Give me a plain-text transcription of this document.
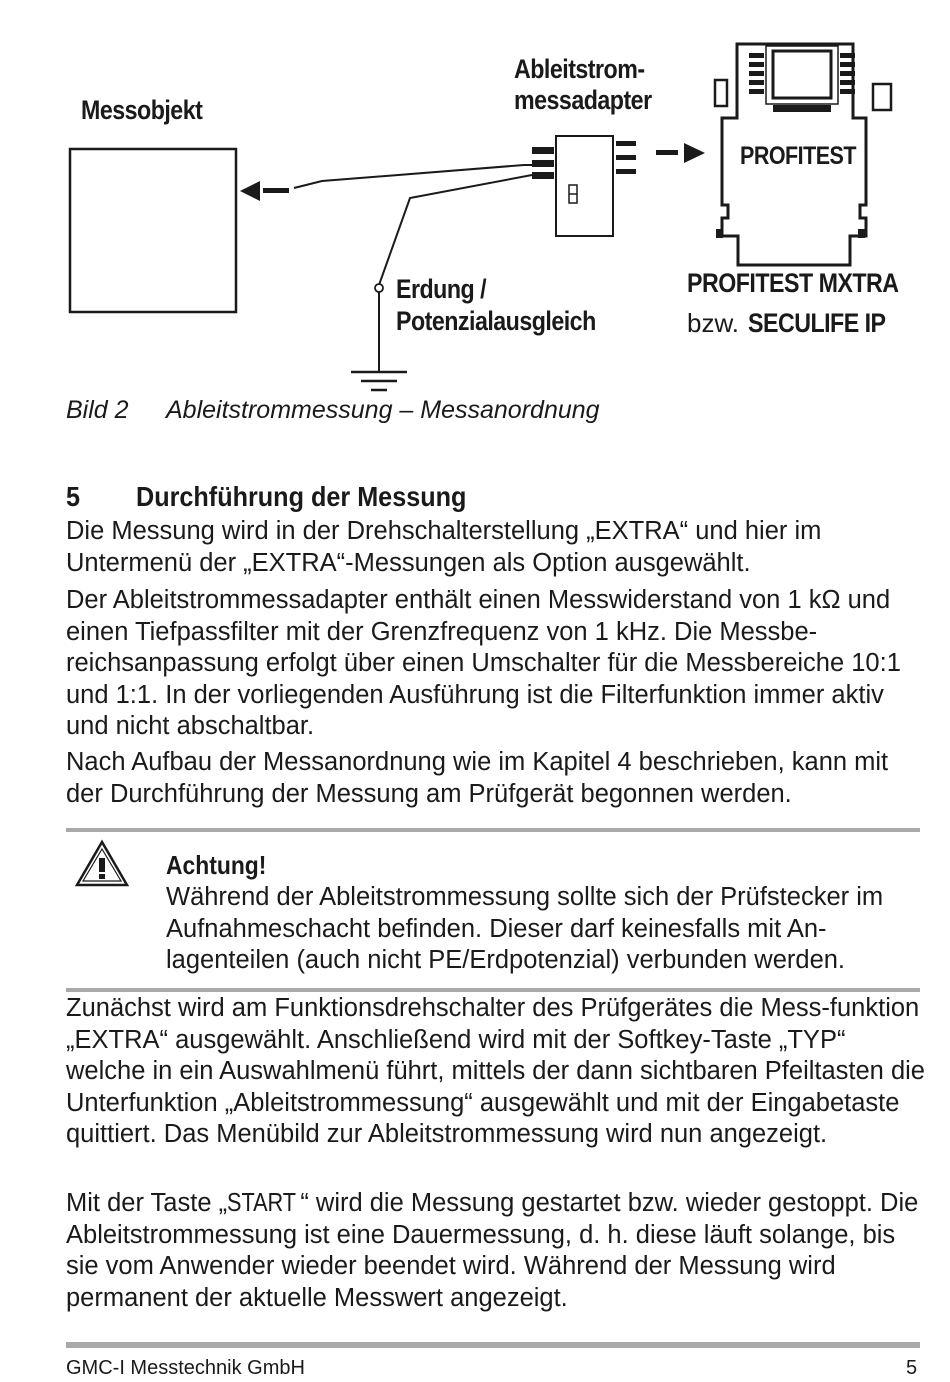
Messobjekt
Ableitstrom-
messadapter
PROFITEST
Erdung /
Potenzialausgleich
PROFITEST MXTRA
bzw. SECULIFE IP
Bild 2 Ableitstrommessung – Messanordnung
5 Durchführung der Messung

Die Messung wird in der Drehschalterstellung „EXTRA“ und hier im Untermenü der „EXTRA“-Messungen als Option ausgewählt.

Der Ableitstrommessadapter enthält einen Messwiderstand von 1 kΩ und einen Tiefpassfilter mit der Grenzfrequenz von 1 kHz. Die Messbe-reichsanpassung erfolgt über einen Umschalter für die Messbereiche 10:1 und 1:1. In der vorliegenden Ausführung ist die Filterfunktion immer aktiv und nicht abschaltbar.

Nach Aufbau der Messanordnung wie im Kapitel 4 beschrieben, kann mit der Durchführung der Messung am Prüfgerät begonnen werden.

Achtung!

Während der Ableitstrommessung sollte sich der Prüfstecker im Aufnahmeschacht befinden. Dieser darf keinesfalls mit An-lagenteilen (auch nicht PE/Erdpotenzial) verbunden werden.

Zunächst wird am Funktionsdrehschalter des Prüfgerätes die Mess-funktion „EXTRA“ ausgewählt. Anschließend wird mit der Softkey-Taste „TYP“ welche in ein Auswahlmenü führt, mittels der dann sichtbaren Pfeiltasten die Unterfunktion „Ableitstrommessung“ ausgewählt und mit der Eingabetaste quittiert. Das Menübild zur Ableitstrommessung wird nun angezeigt.

Mit der Taste „START “ wird die Messung gestartet bzw. wieder gestoppt. Die Ableitstrommessung ist eine Dauermessung, d. h. diese läuft solange, bis sie vom Anwender wieder beendet wird. Während der Messung wird permanent der aktuelle Messwert angezeigt.

GMC-I Messtechnik GmbH	5
